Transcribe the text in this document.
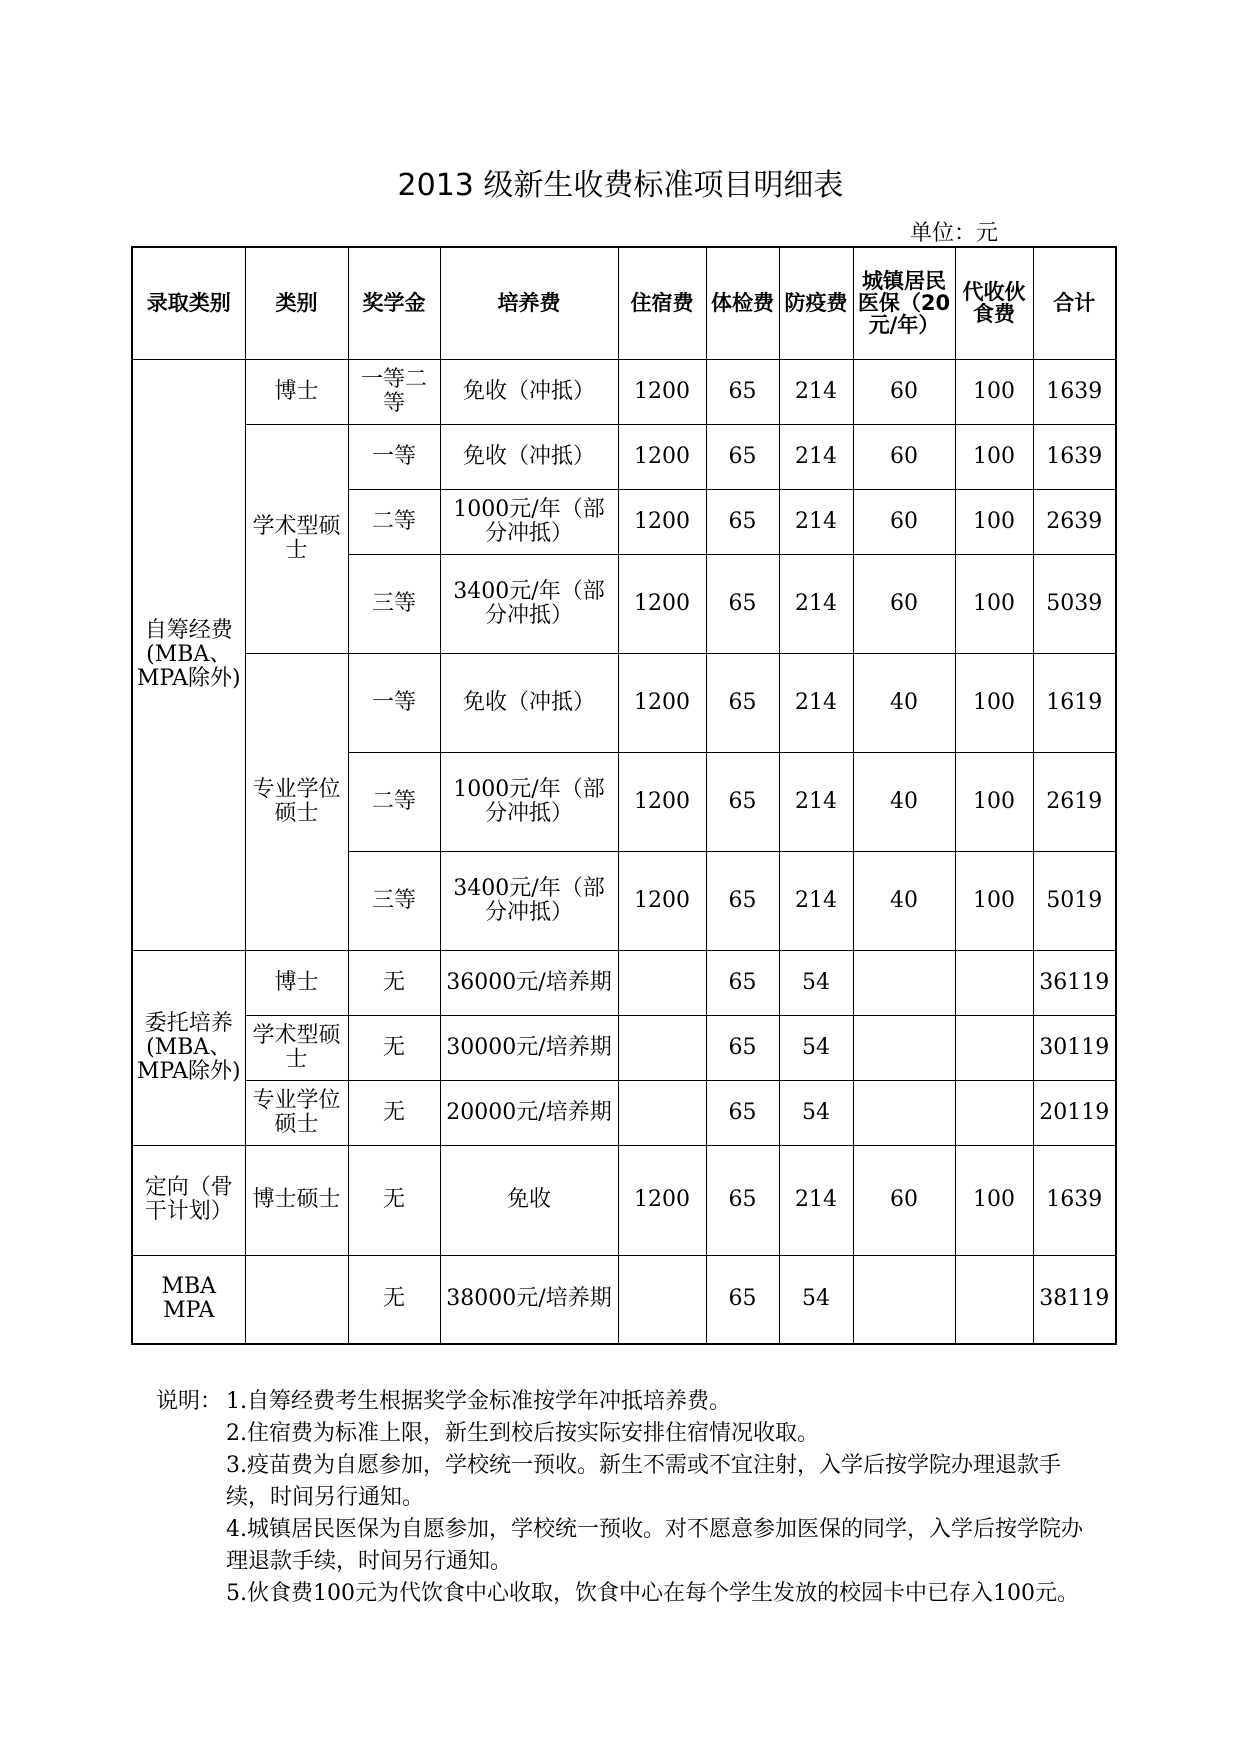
2013 级新生收费标准项目明细表
单位：元
录取类别	类别	奖学金	培养费	住宿费	体检费	防疫费	城镇居民医保（20元/年）	代收伙食费	合计
自筹经费(MBA、MPA除外)	博士	一等二等	免收（冲抵）	1200	65	214	60	100	1639
	学术型硕士	一等	免收（冲抵）	1200	65	214	60	100	1639
		二等	1000元/年（部分冲抵）	1200	65	214	60	100	2639
		三等	3400元/年（部分冲抵）	1200	65	214	60	100	5039
	专业学位硕士	一等	免收（冲抵）	1200	65	214	40	100	1619
		二等	1000元/年（部分冲抵）	1200	65	214	40	100	2619
		三等	3400元/年（部分冲抵）	1200	65	214	40	100	5019
委托培养(MBA、MPA除外)	博士	无	36000元/培养期		65	54			36119
	学术型硕士	无	30000元/培养期		65	54			30119
	专业学位硕士	无	20000元/培养期		65	54			20119
定向（骨干计划）	博士硕士	无	免收	1200	65	214	60	100	1639
MBA MPA		无	38000元/培养期		65	54			38119
说明： 1.自筹经费考生根据奖学金标准按学年冲抵培养费。
2.住宿费为标准上限，新生到校后按实际安排住宿情况收取。
3.疫苗费为自愿参加，学校统一预收。新生不需或不宜注射，入学后按学院办理退款手续，时间另行通知。
4.城镇居民医保为自愿参加，学校统一预收。对不愿意参加医保的同学，入学后按学院办理退款手续，时间另行通知。
5.伙食费100元为代饮食中心收取，饮食中心在每个学生发放的校园卡中已存入100元。
